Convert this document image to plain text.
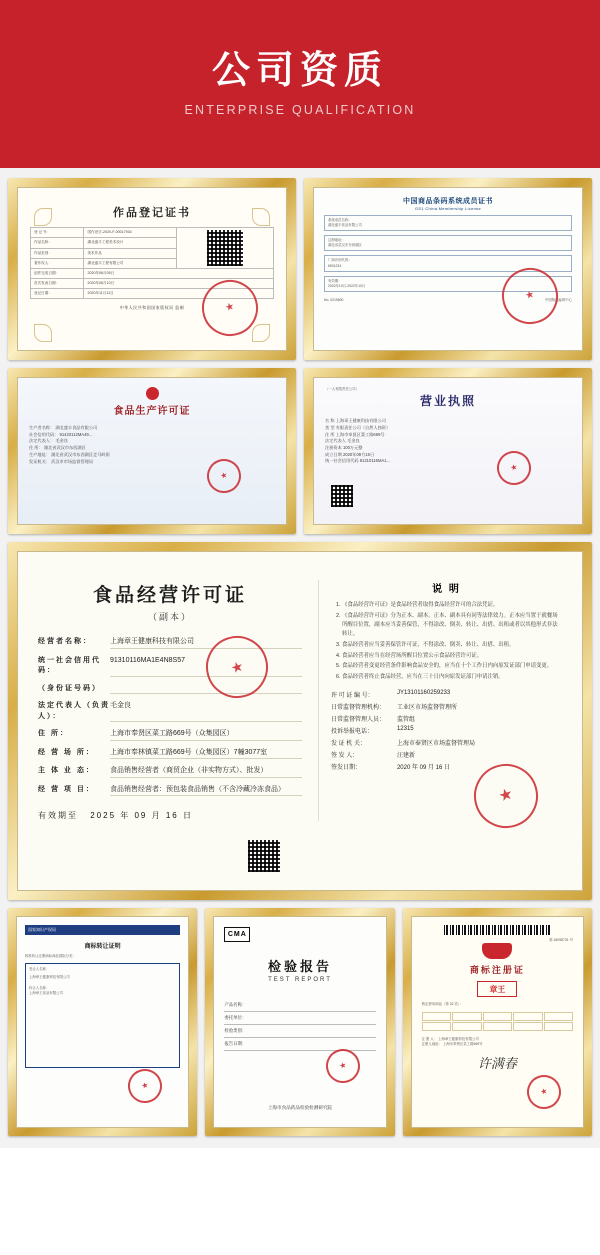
公司资质
ENTERPRISE QUALIFICATION
作品登记证书
登 记 号：	国作登字-2020-F-00017934	

作品名称：	湖北盛丰工程美术设计	
作品类别：	美术作品	
著作权人：	湖北盛丰工程有限公司	
创作完成日期：	2020年06月05日	
首次发表日期：	2020年06月10日	
登记日期：	2020年11月11日	
中华人民共和国国家版权局 监制	★
中国商品条码系统成员证书
GS1 China Membership License
系统成员名称：
湖北盛丰食品有限公司
注册地址：
湖北省武汉市东西湖区
厂商识别代码：
6901234
有效期：
2020年10月-2022年10月
No. 0219600	中国物品编码中心
★
食品生产许可证
生产者名称： 湖北盛丰食品有限公司
社会信用代码： 91420112MA49...
法定代表人： 毛金良
住 所： 湖北省武汉市东西湖区
生产地址： 湖北省武汉市东西湖区走马岭街
发证机关： 武汉市市场监督管理局
★
（一人有限责任公司）
营业执照
名 称 上海章王健康科技有限公司
类 型 有限责任公司（自然人独资）
住 所 上海市奉贤区菜工路669号
法定代表人 毛金良
注册资本 100万元整
成立日期 2020年09月16日
统一社会信用代码 91310116MA1...
★
食品经营许可证
（副本）
经营者名称：	上海章王健康科技有限公司
统一社会信用代码：
91310116MA1E4N8S57
（身份证号码）
法定代表人（负责人）：
毛金良
住 所：	上海市奉贤区菜工路669号（众集园区）
经 营 场 所：	上海市奉林镇菜工路669号（众集园区）7幢3077室
主 体 业 态：	食品销售经营者（商贸企业（非实物方式）、批发）
经 营 项 目：	食品销售经营者：预包装食品销售（不含冷藏冷冻食品）
有效期至 2025 年 09 月 16 日
★
说 明
1. 《食品经营许可证》是食品经营者取得食品经营许可的合法凭证。
2. 《食品经营许可证》分为正本、副本。正本、副本具有同等法律效力。正本应当置于就餐场所醒目位置，副本应当妥善保管，不得涂改、倒卖、转让、出借、出租或者以其他形式非法转让。
3. 食品经营者应当妥善保管许可证，不得涂改、倒卖、转让、出借、出租。
4. 食品经营者应当在经营场所醒目位置公示食品经营许可证。
5. 食品经营者变更经营条件影响食品安全的，应当在十个工作日内向原发证部门申请变更。
6. 食品经营者终止食品经营，应当在三十日内向原发证部门申请注销。
许 可 证 编 号：	JY13101160259233
日常监督管理机构：	工业区市场监督管理所
日常监督管理人员：	监管组
投诉举报电话：	12315
发 证 机 关：	上海市奉贤区市场监督管理局
签 发 人：	汪建新
签发日期：	2020 年 09 月 16 日
★
国家知识产权局
商标转让证明
核准转让注册商标商品国际分类：
受让人名称：
上海章王健康科技有限公司
转让人名称：
上海章王食品有限公司
★
CMA
检验报告
TEST REPORT
产品名称：
委托单位：
检验类别：
报告日期：
上海市食品药品检验检测研究院
★
第 18098731 号
商标注册证
章王
核定使用商品（第 32 类）：
注 册 人： 上海章王健康科技有限公司
注册人地址： 上海市奉贤区菜工路669号
许满春
★
